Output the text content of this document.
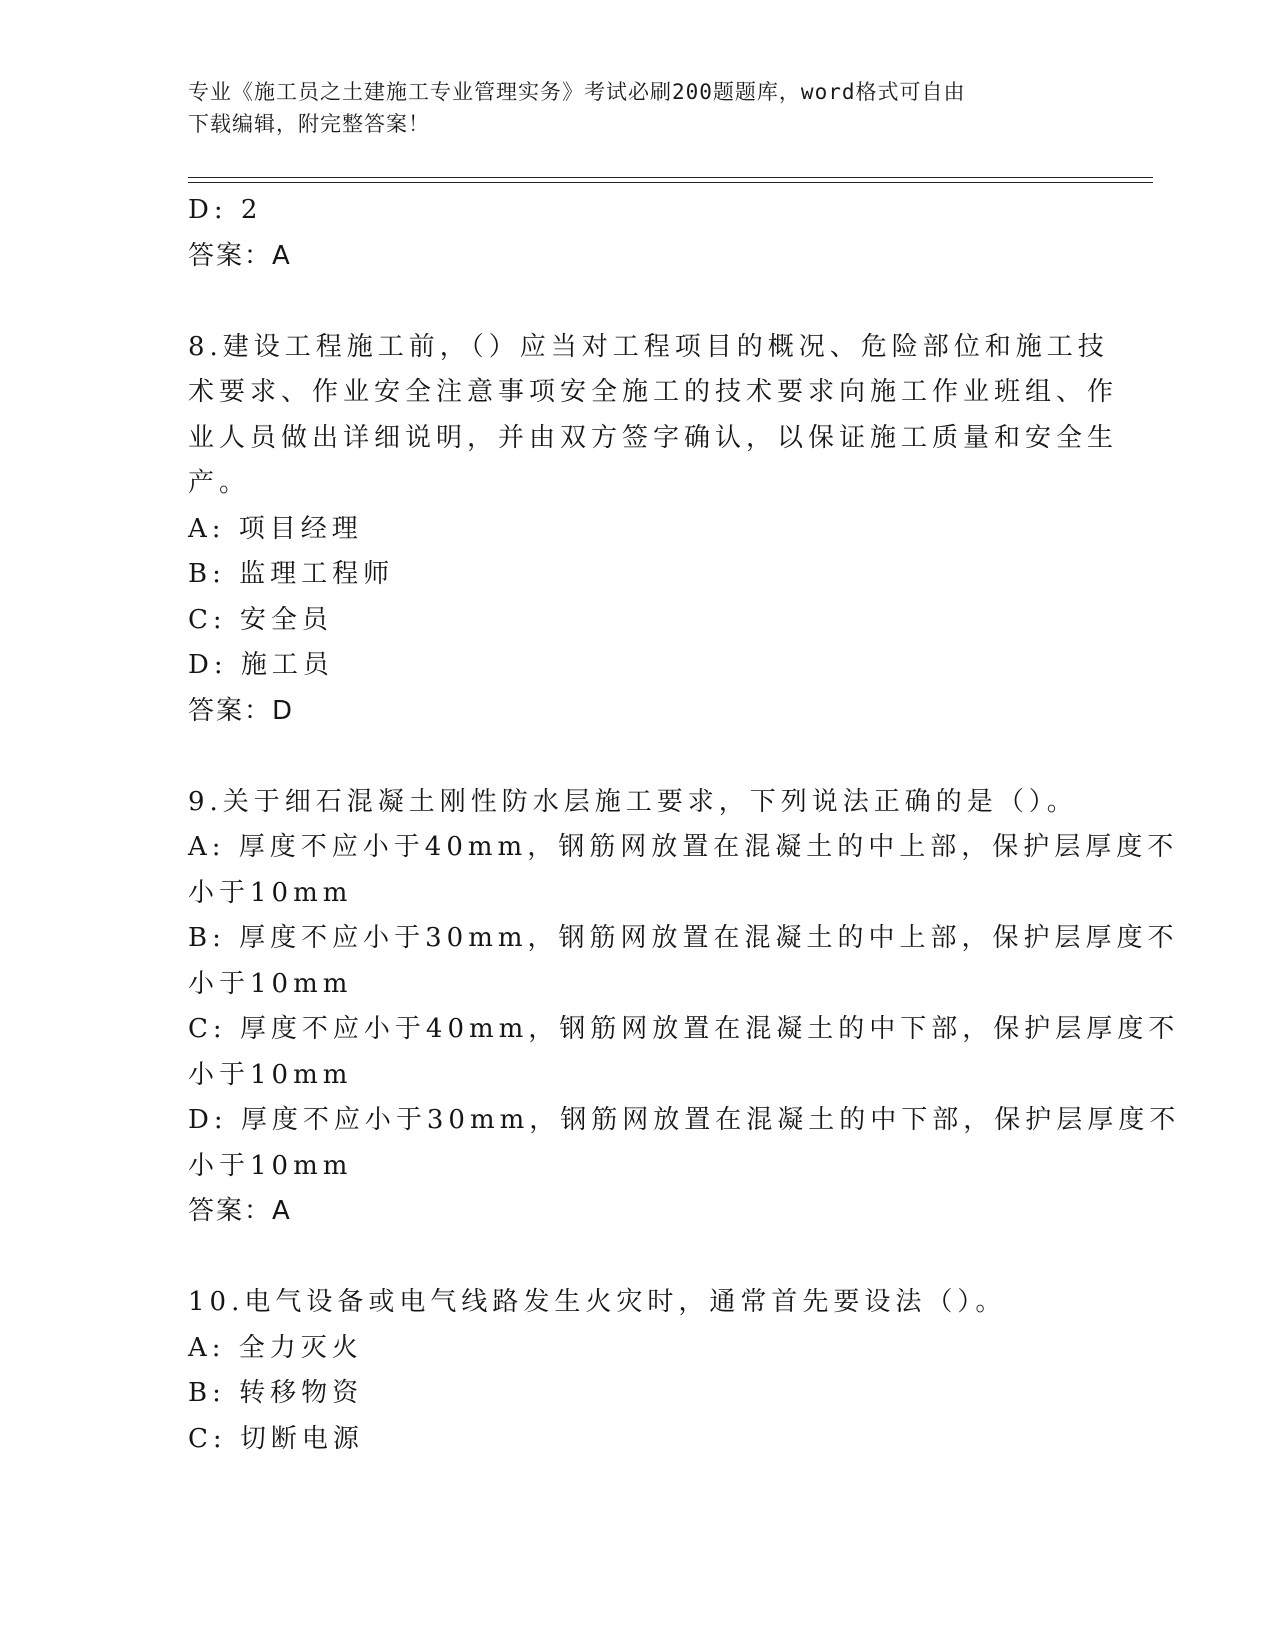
专业《施工员之土建施工专业管理实务》考试必刷200题题库，word格式可自由
下载编辑，附完整答案！
D: 2
答案：A
8.建设工程施工前，（）应当对工程项目的概况、危险部位和施工技
术要求、作业安全注意事项安全施工的技术要求向施工作业班组、作
业人员做出详细说明，并由双方签字确认，以保证施工质量和安全生
产。
A: 项目经理
B: 监理工程师
C: 安全员
D: 施工员
答案：D
9.关于细石混凝土刚性防水层施工要求，下列说法正确的是（）。
A: 厚度不应小于40mm，钢筋网放置在混凝土的中上部，保护层厚度不
小于10mm
B: 厚度不应小于30mm，钢筋网放置在混凝土的中上部，保护层厚度不
小于10mm
C: 厚度不应小于40mm，钢筋网放置在混凝土的中下部，保护层厚度不
小于10mm
D: 厚度不应小于30mm，钢筋网放置在混凝土的中下部，保护层厚度不
小于10mm
答案：A
10.电气设备或电气线路发生火灾时，通常首先要设法（）。
A: 全力灭火
B: 转移物资
C: 切断电源
